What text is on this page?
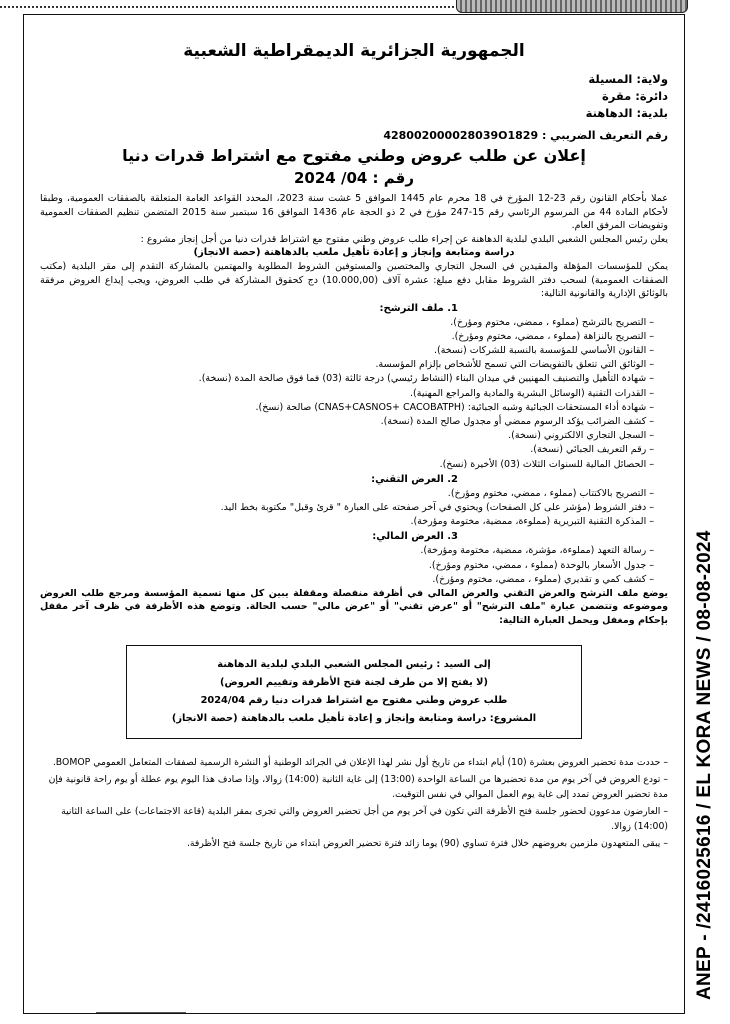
ANEP - /2416025616 / EL KORA NEWS / 08-08-2024
الجمهورية الجزائرية الديمقراطية الشعبية
ولاية: المسيلة
دائرة: مقرة
بلدية: الدهاهنة
رقم التعريف الضريبي : 428002000028039O1829
إعلان عن طلب عروض وطني مفتوح مع اشتراط قدرات دنيا
رقم : 04/ 2024
عملا بأحكام القانون رقم 23-12 المؤرخ في 18 محرم عام 1445 الموافق 5 غشت سنة 2023، المحدد القواعد العامة المتعلقة بالصفقات العمومية، وطبقا لأحكام المادة 44 من المرسوم الرئاسي رقم 15-247 مؤرخ في 2 ذو الحجة عام 1436 الموافق 16 سبتمبر سنة 2015 المتضمن تنظيم الصفقات العمومية وتفويضات المرفق العام.
يعلن رئيس المجلس الشعبي البلدي لبلدية الدهاهنة عن إجراء طلب عروض وطني مفتوح مع اشتراط قدرات دنيا من أجل إنجاز مشروع :
دراسة ومتابعة وإنجاز و إعادة تأهيل ملعب بالدهاهنة (حصة الانجاز)
يمكن للمؤسسات المؤهلة والمقيدين في السجل التجاري والمختصين والمستوفين الشروط المطلوبة والمهتمين بالمشاركة التقدم إلى مقر البلدية (مكتب الصفقات العمومية) لسحب دفتر الشروط مقابل دفع مبلغ: عشرة آلاف (10.000,00) دج كحقوق المشاركة في طلب العروض، ويجب إيداع العروض مرفقة بالوثائق الإدارية والقانونية التالية:
1. ملف الترشح:
– التصريح بالترشح (مملوء ، ممضي، مختوم ومؤرخ).
– التصريح بالنزاهة (مملوء ، ممضي، مختوم ومؤرخ).
– القانون الأساسي للمؤسسة بالنسبة للشركات (نسخة).
– الوثائق التي تتعلق بالتفويضات التي تسمح للأشخاص بإلزام المؤسسة.
– شهادة التأهيل والتصنيف المهنيين في ميدان البناء (النشاط رئيسي) درجة ثالثة (03) فما فوق صالحة المدة (نسخة).
– القدرات التقنية (الوسائل البشرية والمادية والمراجع المهنية).
– شهادة أداء المستحقات الجبائية وشبه الجبائية: (CNAS+CASNOS+ CACOBATPH) صالحة (نسخ).
– كشف الضرائب يؤكد الرسوم ممضي أو مجدول صالح المدة (نسخة).
– السجل التجاري الالكتروني (نسخة).
– رقم التعريف الجبائي (نسخة).
– الحصائل المالية للسنوات الثلاث (03) الأخيرة (نسخ).
2. العرض التقني:
– التصريح بالاكتتاب (مملوء ، ممضي، مختوم ومؤرخ).
– دفتر الشروط (مؤشر على كل الصفحات) ويحتوي في آخر صفحته على العبارة " قرئ وقبل" مكتوبة بخط اليد.
– المذكرة التقنية التبريرية (مملوءة، ممضية، مختومة ومؤرخة).
3. العرض المالي:
– رسالة التعهد (مملوءة، مؤشرة، ممضية، مختومة ومؤرخة).
– جدول الأسعار بالوحدة (مملوء ، ممضي، مختوم ومؤرخ).
– كشف كمي و تقديري (مملوء ، ممضي، مختوم ومؤرخ).
يوضع ملف الترشح والعرض التقني والعرض المالي في أظرفة منفصلة ومقفلة يبين كل منها تسمية المؤسسة ومرجع طلب العروض وموضوعه وتتضمن عبارة "ملف الترشح" أو "عرض تقني" أو "عرض مالي" حسب الحالة. وتوضع هذه الأظرفة في ظرف آخر مقفل بإحكام ومغفل ويحمل العبارة التالية:
إلى السيد : رئيس المجلس الشعبي البلدي لبلدية الدهاهنة
(لا يفتح إلا من طرف لجنة فتح الأظرفة وتقييم العروض)
طلب عروض وطني مفتوح مع اشتراط قدرات دنيا رقم 2024/04
المشروع: دراسة ومتابعة وإنجاز و إعادة تأهيل ملعب بالدهاهنة (حصة الانجاز)
– حددت مدة تحضير العروض بعشرة (10) أيام ابتداء من تاريخ أول نشر لهذا الإعلان في الجرائد الوطنية أو النشرة الرسمية لصفقات المتعامل العمومي BOMOP.
– تودع العروض في آخر يوم من مدة تحضيرها من الساعة الواحدة (13:00) إلى غاية الثانية (14:00) زوالا، وإذا صادف هذا اليوم يوم عطلة أو يوم راحة قانونية فإن مدة تحضير العروض تمدد إلى غاية يوم العمل الموالي في نفس التوقيت.
– العارضون مدعوون لحضور جلسة فتح الأظرفة التي تكون في آخر يوم من أجل تحضير العروض والتي تجرى بمقر البلدية (قاعة الاجتماعات) على الساعة الثانية (14:00) زوالا.
– يبقى المتعهدون ملزمين بعروضهم خلال فترة تساوي (90) يوما زائد فترة تحضير العروض ابتداء من تاريخ جلسة فتح الأظرفة.
